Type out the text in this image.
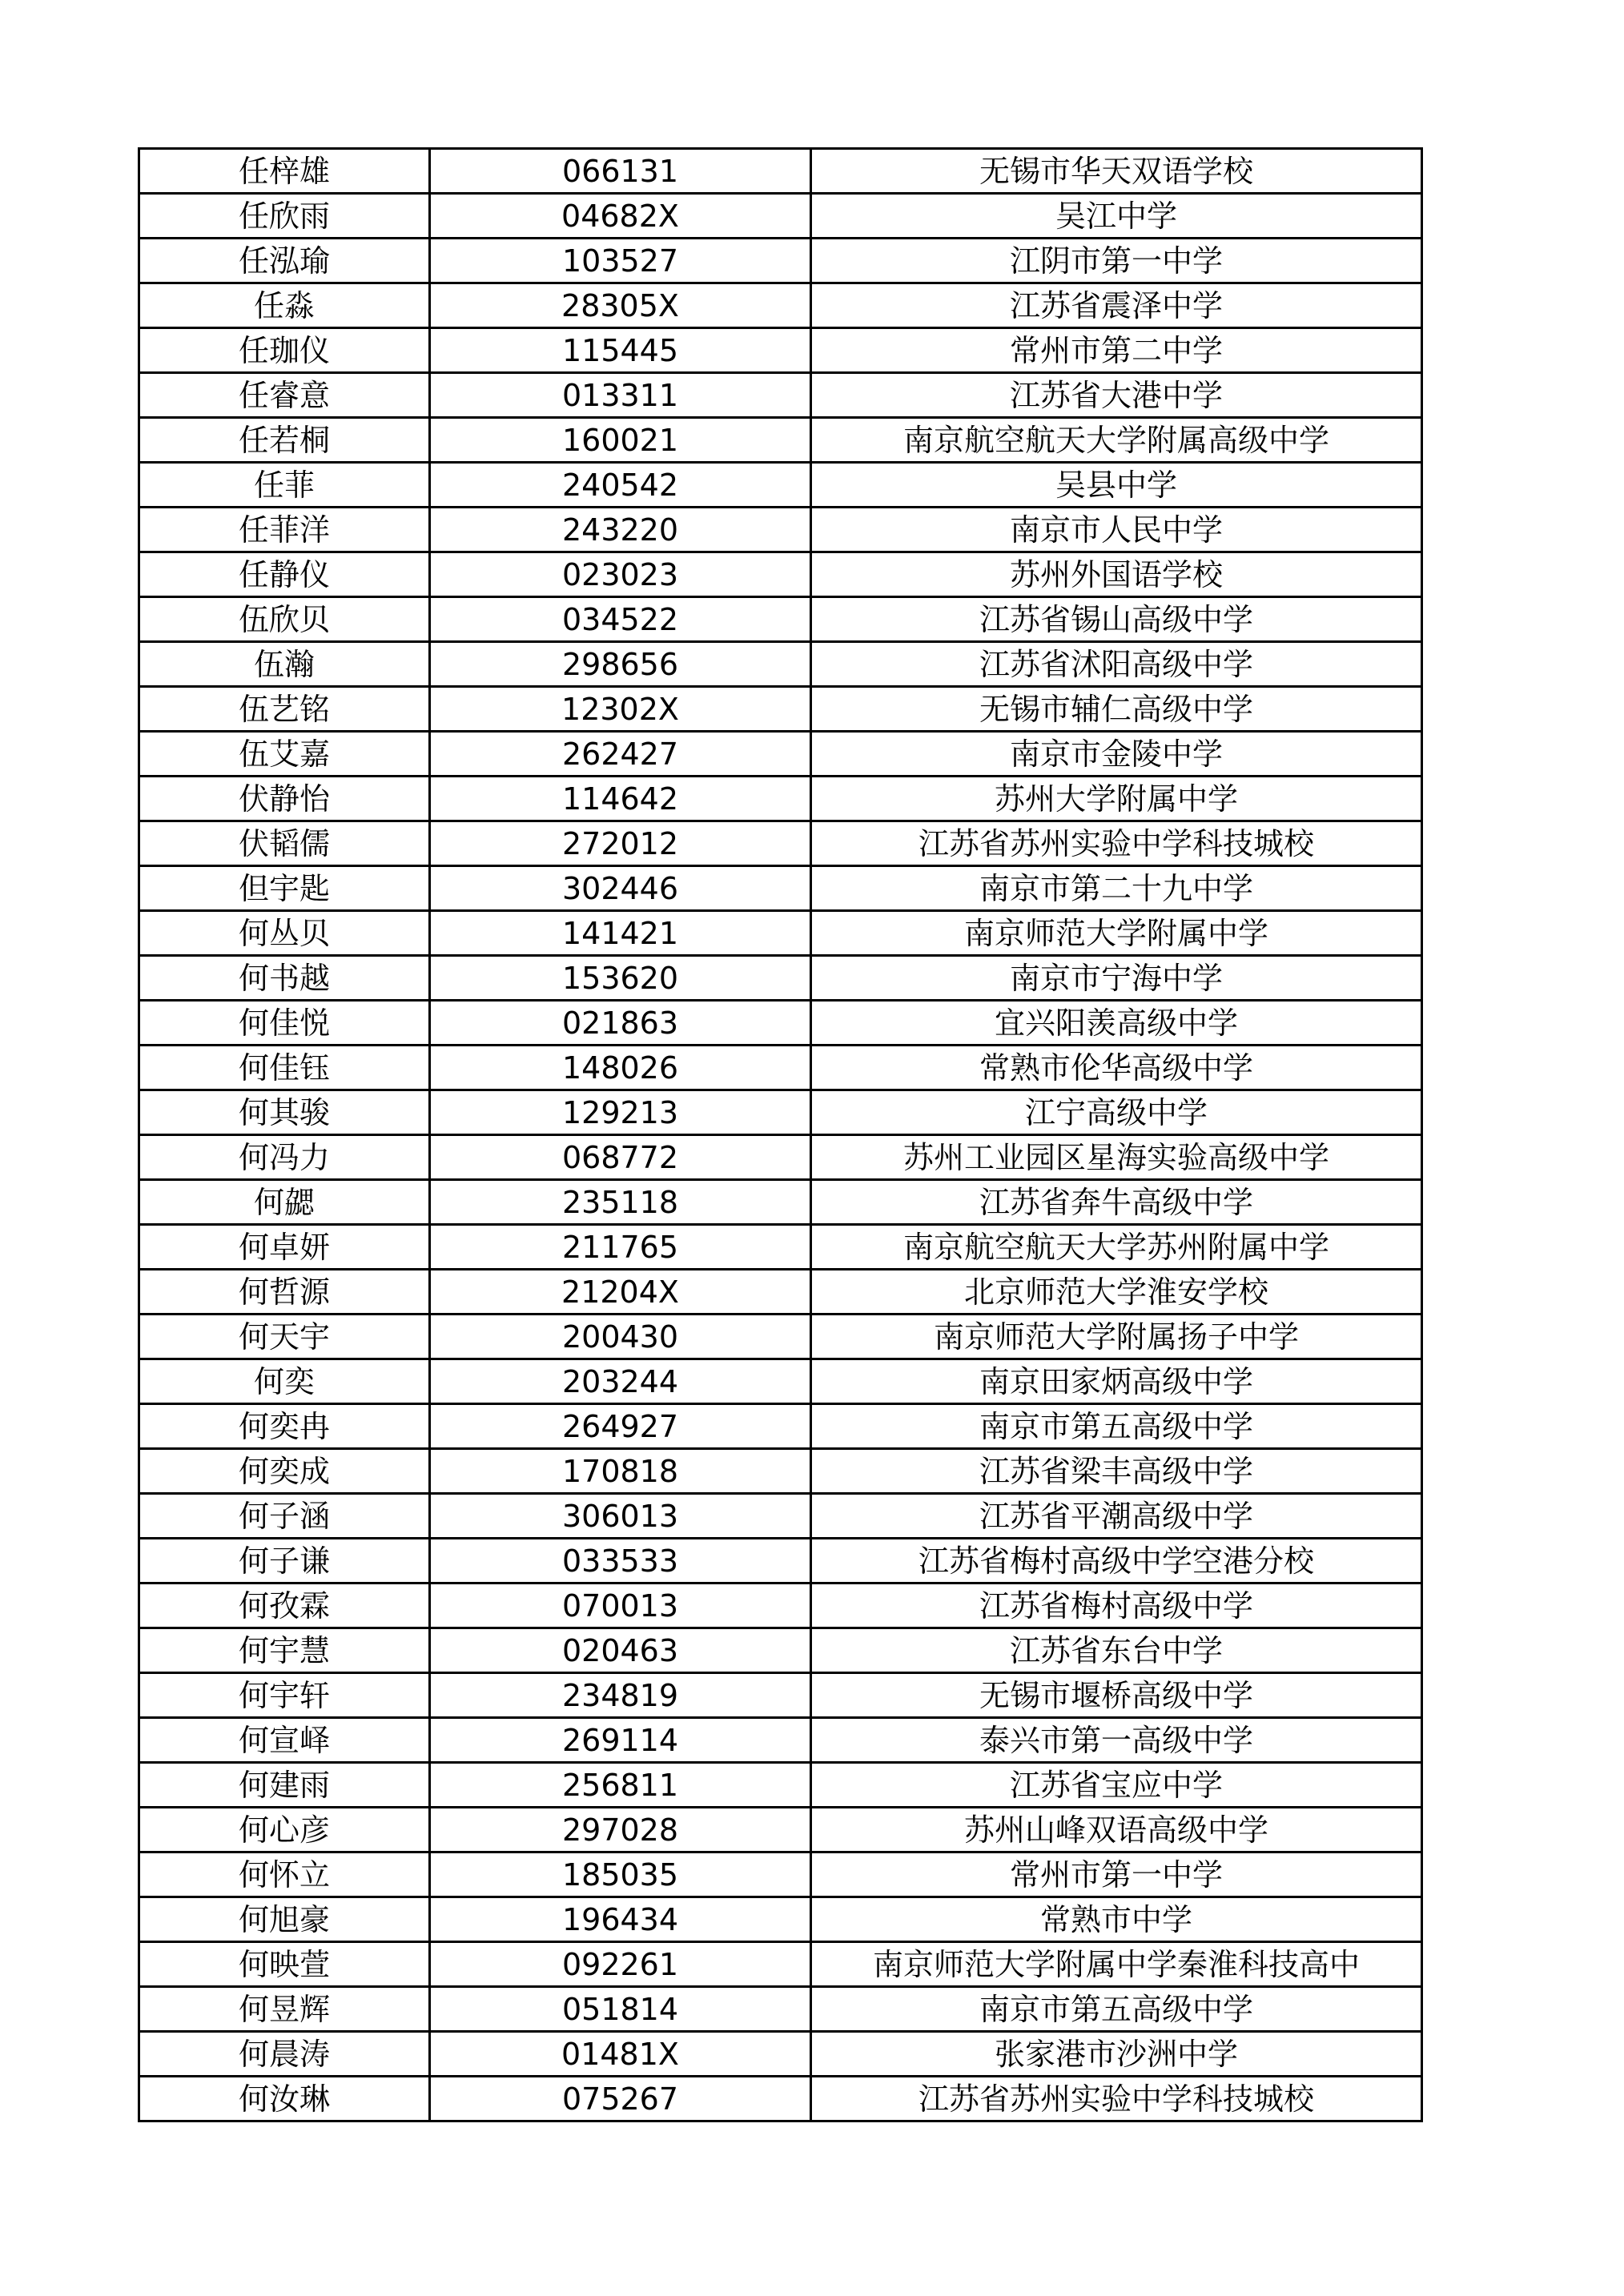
任梓雄	066131	无锡市华天双语学校
任欣雨	04682X	吴江中学
任泓瑜	103527	江阴市第一中学
任淼	28305X	江苏省震泽中学
任珈仪	115445	常州市第二中学
任睿意	013311	江苏省大港中学
任若桐	160021	南京航空航天大学附属高级中学
任菲	240542	吴县中学
任菲洋	243220	南京市人民中学
任静仪	023023	苏州外国语学校
伍欣贝	034522	江苏省锡山高级中学
伍瀚	298656	江苏省沭阳高级中学
伍艺铭	12302X	无锡市辅仁高级中学
伍艾嘉	262427	南京市金陵中学
伏静怡	114642	苏州大学附属中学
伏韬儒	272012	江苏省苏州实验中学科技城校
但宇匙	302446	南京市第二十九中学
何丛贝	141421	南京师范大学附属中学
何书越	153620	南京市宁海中学
何佳悦	021863	宜兴阳羡高级中学
何佳钰	148026	常熟市伦华高级中学
何其骏	129213	江宁高级中学
何冯力	068772	苏州工业园区星海实验高级中学
何勰	235118	江苏省奔牛高级中学
何卓妍	211765	南京航空航天大学苏州附属中学
何哲源	21204X	北京师范大学淮安学校
何天宇	200430	南京师范大学附属扬子中学
何奕	203244	南京田家炳高级中学
何奕冉	264927	南京市第五高级中学
何奕成	170818	江苏省梁丰高级中学
何子涵	306013	江苏省平潮高级中学
何子谦	033533	江苏省梅村高级中学空港分校
何孜霖	070013	江苏省梅村高级中学
何宇慧	020463	江苏省东台中学
何宇轩	234819	无锡市堰桥高级中学
何宣峄	269114	泰兴市第一高级中学
何建雨	256811	江苏省宝应中学
何心彦	297028	苏州山峰双语高级中学
何怀立	185035	常州市第一中学
何旭豪	196434	常熟市中学
何映萱	092261	南京师范大学附属中学秦淮科技高中
何昱辉	051814	南京市第五高级中学
何晨涛	01481X	张家港市沙洲中学
何汝琳	075267	江苏省苏州实验中学科技城校
